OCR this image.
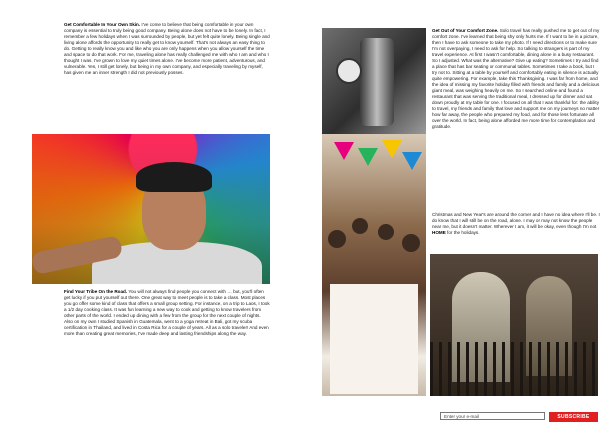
Get Comfortable In Your Own Skin. I've come to believe that being comfortable in your own company is essential to truly being good company. Being alone does not have to be lonely. In fact, I remember a few holidays when I was surrounded by people, but yet felt quite lonely. Being single and living alone affords the opportunity to really get to know yourself. That's not always an easy thing to do. Getting to really know you and like who you are only happens when you allow yourself the time and space to do that work. For me, traveling alone has really challenged me with who I am and who I thought I was. I've grown to love my quiet times alone. I've become more patient, adventurous, and vulnerable. Yes, I still get lonely, but being in my own company, and especially traveling by myself, has given me an inner strength I did not previously posses.

Find Your Tribe On the Road. You will not always find people you connect with … but, you'll often get lucky if you put yourself out there. One great way to meet people is to take a class. Most places you go offer some kind of class that offers a small group setting. For instance, on a trip to Laos, I took a 1/2 day cooking class. It was fun learning a new way to cook and getting to know travelers from other parts of the world. I ended up dining with a few from the group for the next couple of nights. Also on my own I studied Spanish in Guatemala, went to a yoga retreat in Bali, got my scuba certification in Thailand, and lived in Costa Rica for a couple of years. All as a solo traveler! And even more than creating great memories, I've made deep and lasting friendships along the way.

Get Out of Your Comfort Zone. Solo travel has really pushed me to get out of my comfort zone. I've learned that being shy only hurts me. If I want to be in a picture, then I have to ask someone to take my photo. If I need directions or to make sure I'm not overpaying, I need to ask for help. So talking to strangers is part of my travel experience. At first I wasn't comfortable, dining alone in a busy restaurant. So I adjusted. What was the alternative? Give up eating? Sometimes I try and find a place that has bar seating or communal tables. Sometimes I take a book, but I try not to. Sitting at a table by yourself and comfortably eating in silence is actually quite empowering. For example, take this Thanksgiving. I was far from home, and the idea of missing my favorite holiday filled with friends and family and a delicious giant meal, was weighing heavily on me. So I searched online and found a restaurant that was serving the traditional meal, I dressed up for dinner and sat down proudly at my table for one. I focused on all that I was thankful for: the ability to travel, my friends and family that love and support me on my journeys no matter how far away, the people who prepared my food, and for those less fortunate all over the world. In fact, being alone afforded me more time for contemplation and gratitude.

Christmas and New Year's are around the corner and I have no idea where I'll be. I do know that I will still be on the road, alone. I may or may not know the people near me, but it doesn't matter. Wherever I am, it will be okay, even though I'm not HOME for the holidays.

Enter your e-mail
SUBSCRIBE
